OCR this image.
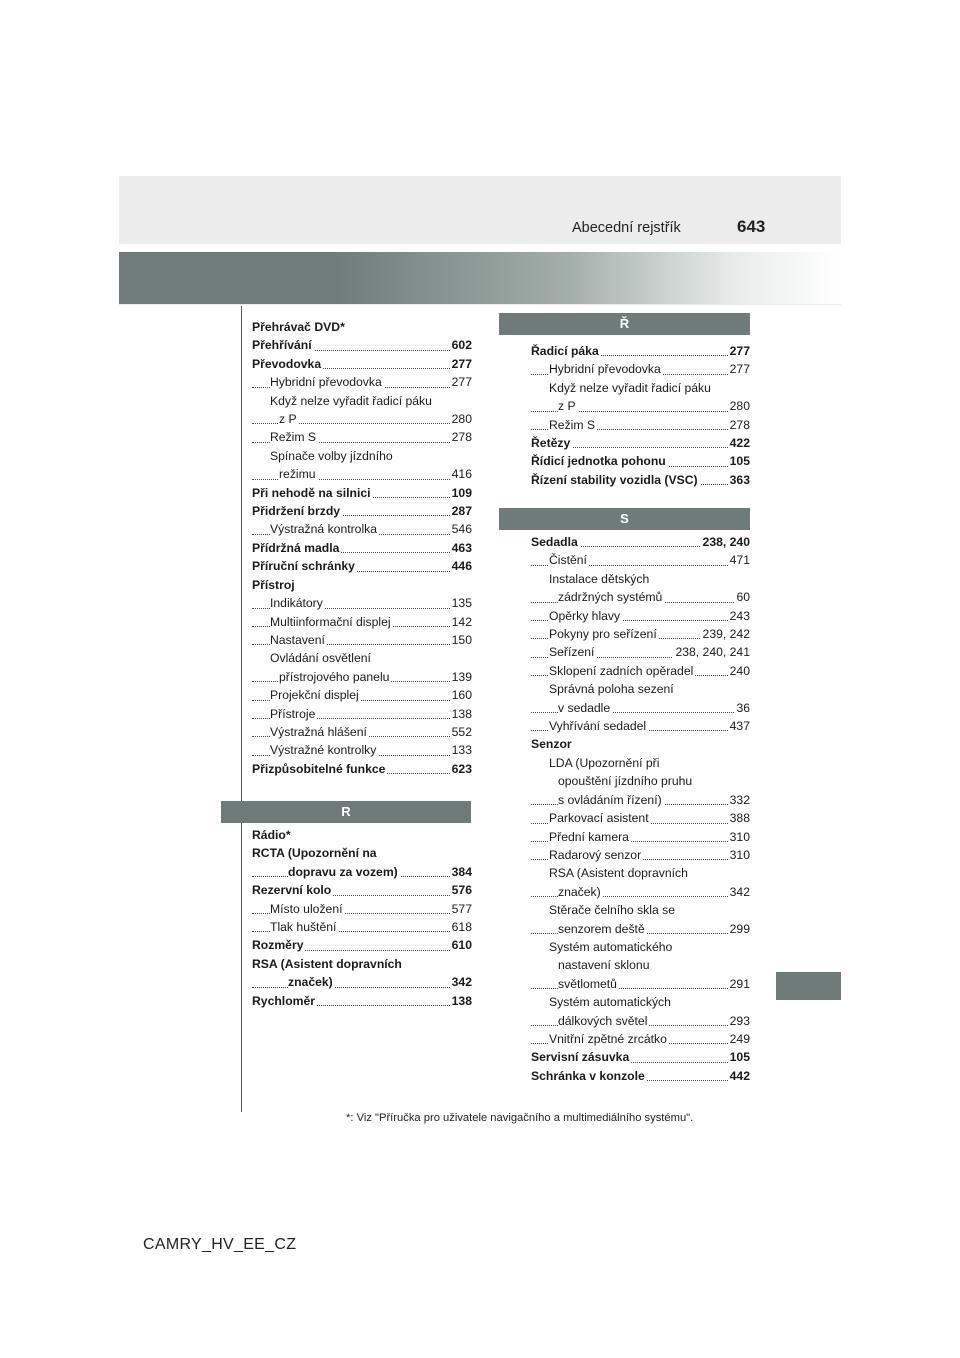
Abecední rejstřík	643
Přehrávač DVD*
Přehřívání	602
Převodovka	277
Hybridní převodovka	277
Když nelze vyřadit řadicí páku
z P	280
Režim S	278
Spínače volby jízdního
režimu	416
Při nehodě na silnici	109
Přidržení brzdy	287
Výstražná kontrolka	546
Přídržná madla	463
Příruční schránky	446
Přístroj
Indikátory	135
Multiinformační displej	142
Nastavení	150
Ovládání osvětlení
přístrojového panelu	139
Projekční displej	160
Přístroje	138
Výstražná hlášení	552
Výstražné kontrolky	133
Přizpůsobitelné funkce	623
R
Rádio*
RCTA (Upozornění na
dopravu za vozem)	384
Rezervní kolo	576
Místo uložení	577
Tlak huštění	618
Rozměry	610
RSA (Asistent dopravních
značek)	342
Rychloměr	138
Ř
Řadicí páka	277
Hybridní převodovka	277
Když nelze vyřadit řadicí páku
z P	280
Režim S	278
Řetězy	422
Řídicí jednotka pohonu	105
Řízení stability vozidla (VSC)	363
S
Sedadla	238, 240
Čistění	471
Instalace dětských
zádržných systémů	60
Opěrky hlavy	243
Pokyny pro seřízení	239, 242
Seřízení	238, 240, 241
Sklopení zadních opěradel	240
Správná poloha sezení
v sedadle	36
Vyhřívání sedadel	437
Senzor
LDA (Upozornění při
opouštění jízdního pruhu
s ovládáním řízení)	332
Parkovací asistent	388
Přední kamera	310
Radarový senzor	310
RSA (Asistent dopravních
značek)	342
Stěrače čelního skla se
senzorem deště	299
Systém automatického
nastavení sklonu
světlometů	291
Systém automatických
dálkových světel	293
Vnitřní zpětné zrcátko	249
Servisní zásuvka	105
Schránka v konzole	442
*: Viz "Příručka pro uživatele navigačního a multimediálního systému".
CAMRY_HV_EE_CZ
